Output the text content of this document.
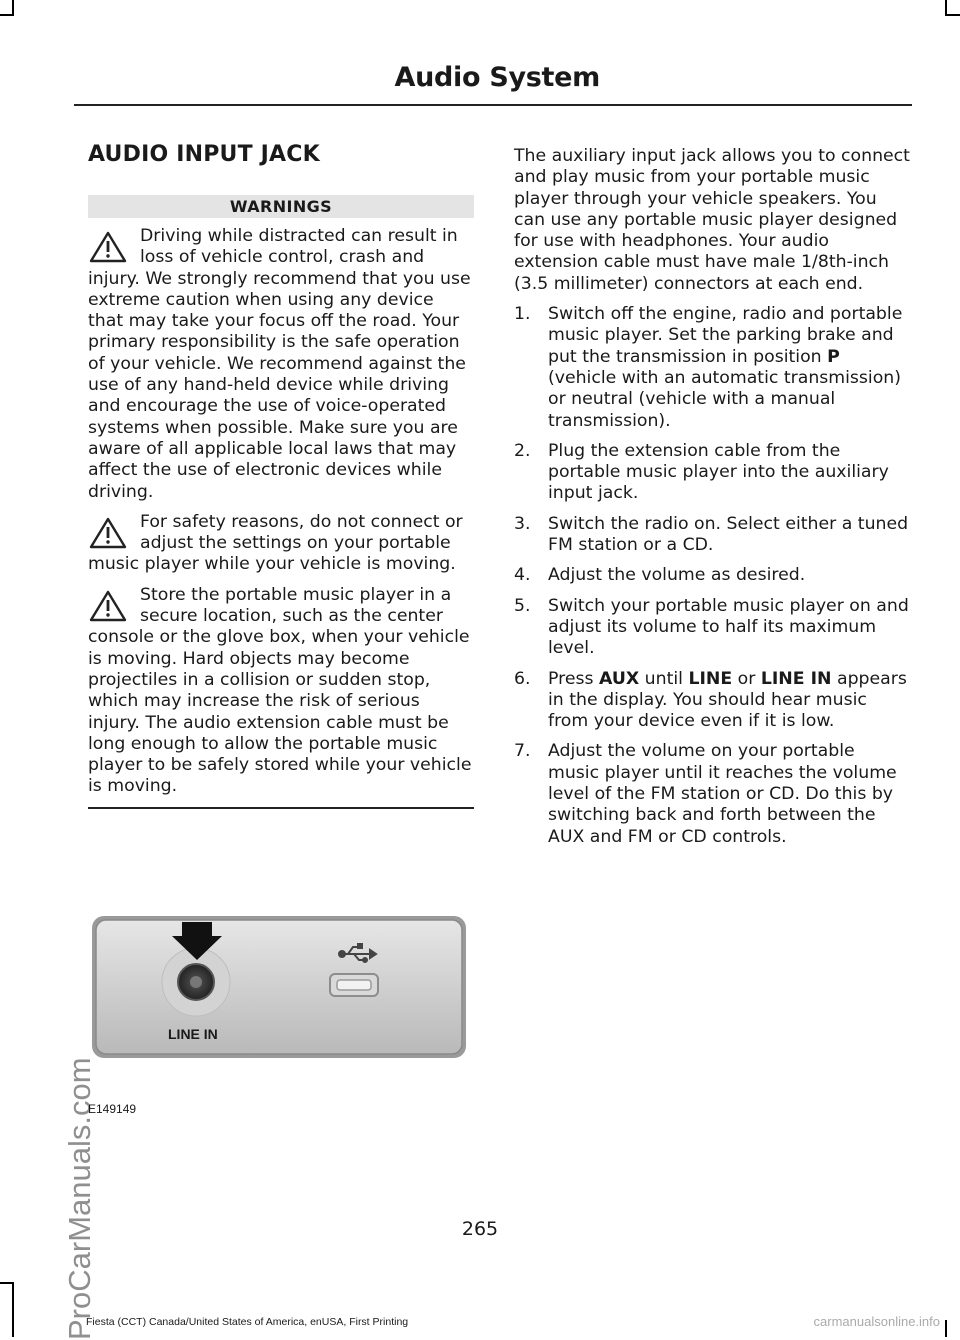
Audio System
ProCarManuals.com
AUDIO INPUT JACK
WARNINGS
Driving while distracted can result in loss of vehicle control, crash and injury. We strongly recommend that you use extreme caution when using any device that may take your focus off the road. Your primary responsibility is the safe operation of your vehicle. We recommend against the use of any hand-held device while driving and encourage the use of voice-operated systems when possible. Make sure you are aware of all applicable local laws that may affect the use of electronic devices while driving.
For safety reasons, do not connect or adjust the settings on your portable music player while your vehicle is moving.
Store the portable music player in a secure location, such as the center console or the glove box, when your vehicle is moving. Hard objects may become projectiles in a collision or sudden stop, which may increase the risk of serious injury. The audio extension cable must be long enough to allow the portable music player to be safely stored while your vehicle is moving.

The auxiliary input jack allows you to connect and play music from your portable music player through your vehicle speakers. You can use any portable music player designed for use with headphones. Your audio extension cable must have male 1/8th-inch (3.5 millimeter) connectors at each end.

1. Switch off the engine, radio and portable music player. Set the parking brake and put the transmission in position P (vehicle with an automatic transmission) or neutral (vehicle with a manual transmission).
2. Plug the extension cable from the portable music player into the auxiliary input jack.
3. Switch the radio on. Select either a tuned FM station or a CD.
4. Adjust the volume as desired.
5. Switch your portable music player on and adjust its volume to half its maximum level.
6. Press AUX until LINE or LINE IN appears in the display. You should hear music from your device even if it is low.
7. Adjust the volume on your portable music player until it reaches the volume level of the FM station or CD. Do this by switching back and forth between the AUX and FM or CD controls.
LINE IN
E149149
265
Fiesta (CCT) Canada/United States of America, enUSA, First Printing	carmanualsonline.info
